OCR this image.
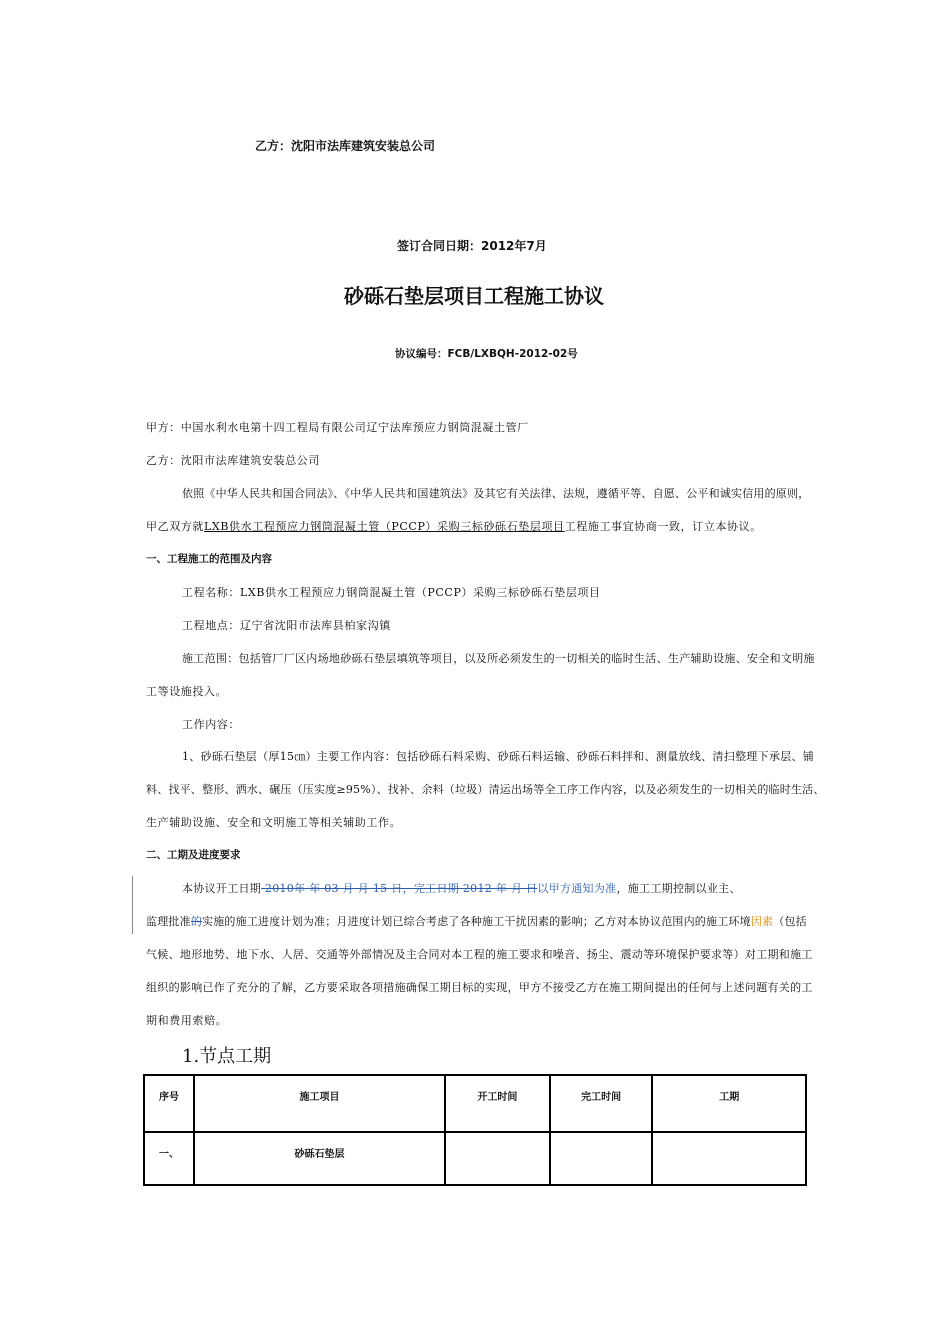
乙方：沈阳市法库建筑安装总公司
签订合同日期：2012年7月
砂砾石垫层项目工程施工协议
协议编号：FCB/LXBQH-2012-02号
甲方：中国水利水电第十四工程局有限公司辽宁法库预应力钢筒混凝土管厂
乙方：沈阳市法库建筑安装总公司
依照《中华人民共和国合同法》、《中华人民共和国建筑法》及其它有关法律、法规，遵循平等、自愿、公平和诚实信用的原则，
甲乙双方就LXB供水工程预应力钢筒混凝土管（PCCP）采购三标砂砾石垫层项目工程施工事宜协商一致，订立本协议。
一、工程施工的范围及内容
工程名称：LXB供水工程预应力钢筒混凝土管（PCCP）采购三标砂砾石垫层项目
工程地点：辽宁省沈阳市法库县柏家沟镇
施工范围：包括管厂厂区内场地砂砾石垫层填筑等项目，以及所必须发生的一切相关的临时生活、生产辅助设施、安全和文明施
工等设施投入。
工作内容：
1、砂砾石垫层（厚15㎝）主要工作内容：包括砂砾石料采购、砂砾石料运输、砂砾石料拌和、测量放线、清扫整理下承层、铺
料、找平、整形、洒水、碾压（压实度≥95%）、找补、余料（垃圾）清运出场等全工序工作内容，以及必须发生的一切相关的临时生活、
生产辅助设施、安全和文明施工等相关辅助工作。
二、工期及进度要求
本协议开工日期 2010年 年 03 月 月 15 日，完工日期 2012 年 月 日以甲方通知为准，施工工期控制以业主、
监理批准的实施的施工进度计划为准；月进度计划已综合考虑了各种施工干扰因素的影响；乙方对本协议范围内的施工环境因素（包括
气候、地形地势、地下水、人居、交通等外部情况及主合同对本工程的施工要求和噪音、扬尘、震动等环境保护要求等）对工期和施工
组织的影响已作了充分的了解，乙方要采取各项措施确保工期目标的实现，甲方不接受乙方在施工期间提出的任何与上述问题有关的工
期和费用索赔。
1.节点工期
序号	施工项目	开工时间	完工时间	工期
一、	砂砾石垫层			
